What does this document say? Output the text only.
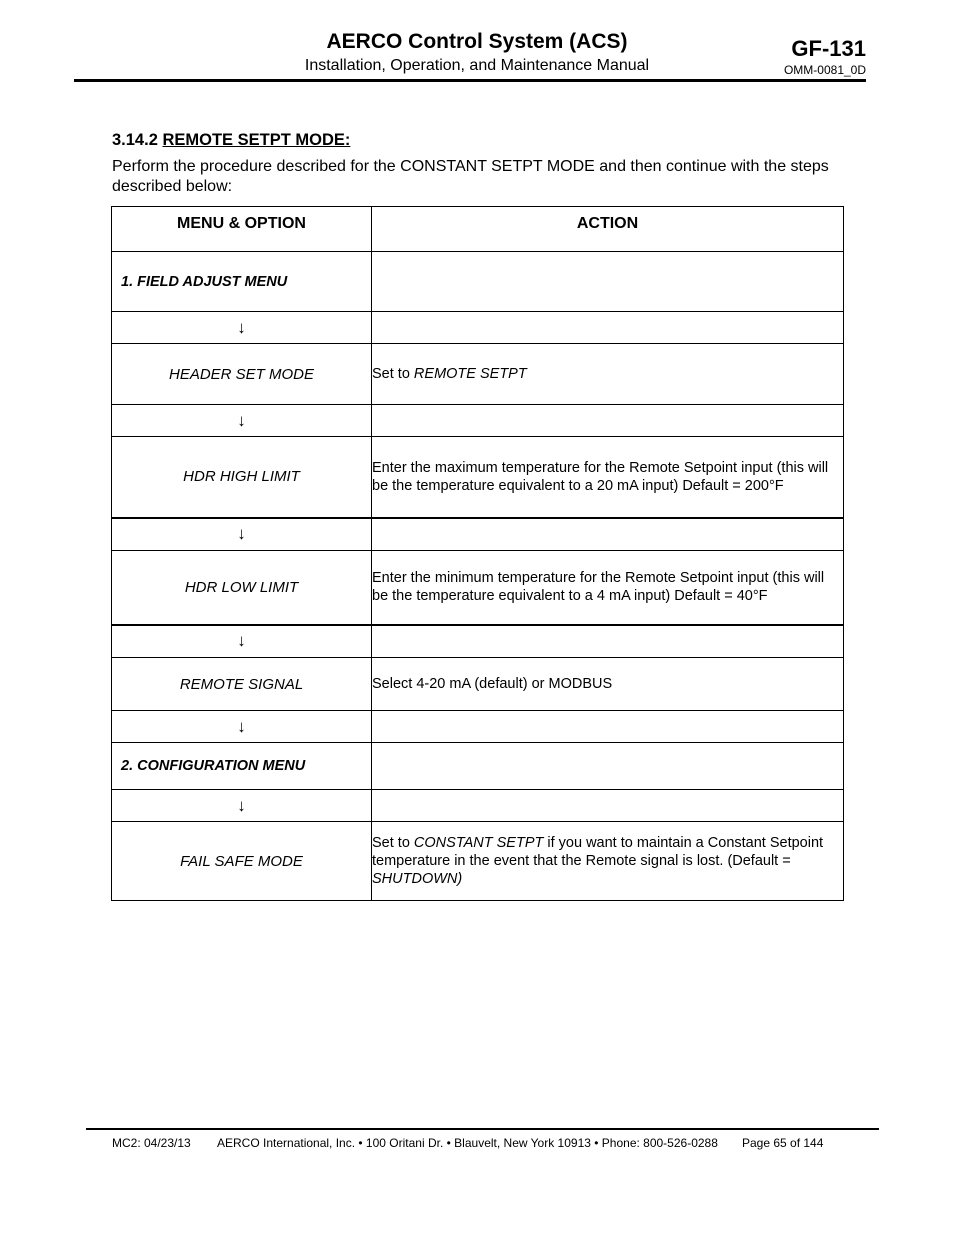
AERCO Control System (ACS)
Installation, Operation, and Maintenance Manual
GF-131
OMM-0081_0D
3.14.2 REMOTE SETPT MODE:
Perform the procedure described for the CONSTANT SETPT MODE and then continue with the steps described below:
MENU & OPTION	ACTION
1. FIELD ADJUST MENU	
↓	
HEADER SET MODE	Set to REMOTE SETPT
↓	
HDR HIGH LIMIT	Enter the maximum temperature for the Remote Setpoint input (this will be the temperature equivalent to a 20 mA input) Default = 200°F
↓	
HDR LOW LIMIT	Enter the minimum temperature for the Remote Setpoint input (this will be the temperature equivalent to a 4 mA input) Default = 40°F
↓	
REMOTE SIGNAL	Select 4-20 mA (default) or MODBUS
↓	
2. CONFIGURATION MENU	
↓	
FAIL SAFE MODE	Set to CONSTANT SETPT if you want to maintain a Constant Setpoint temperature in the event that the Remote signal is lost. (Default = SHUTDOWN)
MC2: 04/23/13 AERCO International, Inc. • 100 Oritani Dr. • Blauvelt, New York 10913 • Phone: 800-526-0288 Page 65 of 144
